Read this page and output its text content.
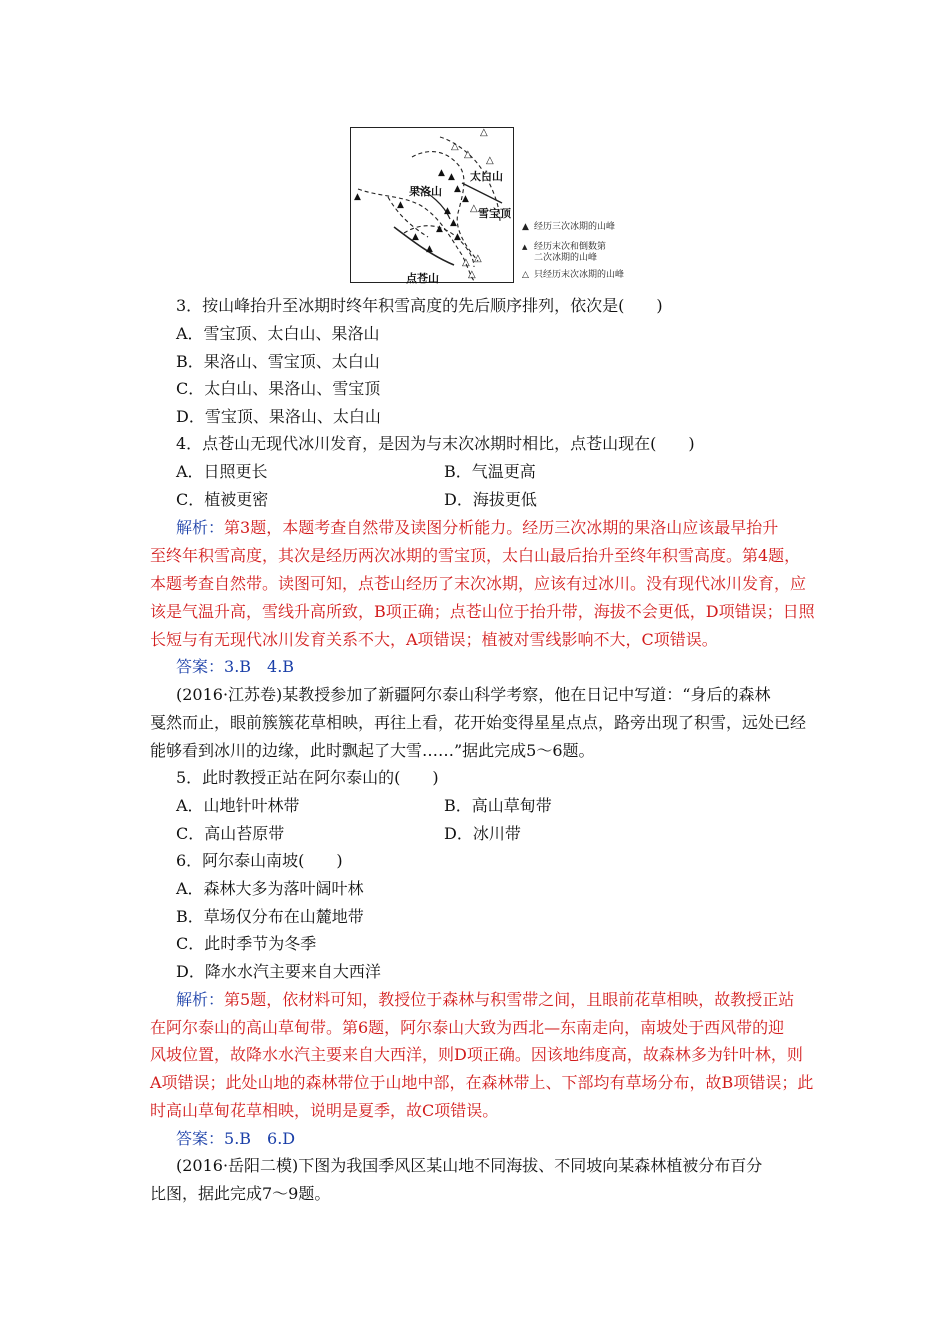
▲
▲
▲ ▲
▲
▲
▲
▲
▲
▲
▲
▲
△
△
△
△
△
△ △
△
太白山
果洛山
雪宝顶
点苍山
▲ 经历三次冰期的山峰
▲ 经历末次和倒数第
二次冰期的山峰
△ 只经历末次冰期的山峰
3．按山峰抬升至冰期时终年积雪高度的先后顺序排列，依次是(　　)
A．雪宝顶、太白山、果洛山
B．果洛山、雪宝顶、太白山
C．太白山、果洛山、雪宝顶
D．雪宝顶、果洛山、太白山
4．点苍山无现代冰川发育，是因为与末次冰期时相比，点苍山现在(　　)
A．日照更长	B．气温更高
C．植被更密	D．海拔更低
解析：第3题，本题考查自然带及读图分析能力。经历三次冰期的果洛山应该最早抬升
至终年积雪高度，其次是经历两次冰期的雪宝顶，太白山最后抬升至终年积雪高度。第4题，
本题考查自然带。读图可知，点苍山经历了末次冰期，应该有过冰川。没有现代冰川发育，应
该是气温升高，雪线升高所致，B项正确；点苍山位于抬升带，海拔不会更低，D项错误；日照
长短与有无现代冰川发育关系不大，A项错误；植被对雪线影响不大，C项错误。
答案：3.B　4.B
(2016·江苏卷)某教授参加了新疆阿尔泰山科学考察，他在日记中写道：“身后的森林
戛然而止，眼前簇簇花草相映，再往上看，花开始变得星星点点，路旁出现了积雪，远处已经
能够看到冰川的边缘，此时飘起了大雪……”据此完成5～6题。
5．此时教授正站在阿尔泰山的(　　)
A．山地针叶林带	B．高山草甸带
C．高山苔原带	D．冰川带
6．阿尔泰山南坡(　　)
A．森林大多为落叶阔叶林
B．草场仅分布在山麓地带
C．此时季节为冬季
D．降水水汽主要来自大西洋
解析：第5题，依材料可知，教授位于森林与积雪带之间，且眼前花草相映，故教授正站
在阿尔泰山的高山草甸带。第6题，阿尔泰山大致为西北—东南走向，南坡处于西风带的迎
风坡位置，故降水水汽主要来自大西洋，则D项正确。因该地纬度高，故森林多为针叶林，则
A项错误；此处山地的森林带位于山地中部，在森林带上、下部均有草场分布，故B项错误；此
时高山草甸花草相映，说明是夏季，故C项错误。
答案：5.B　6.D
(2016·岳阳二模)下图为我国季风区某山地不同海拔、不同坡向某森林植被分布百分
比图，据此完成7～9题。
